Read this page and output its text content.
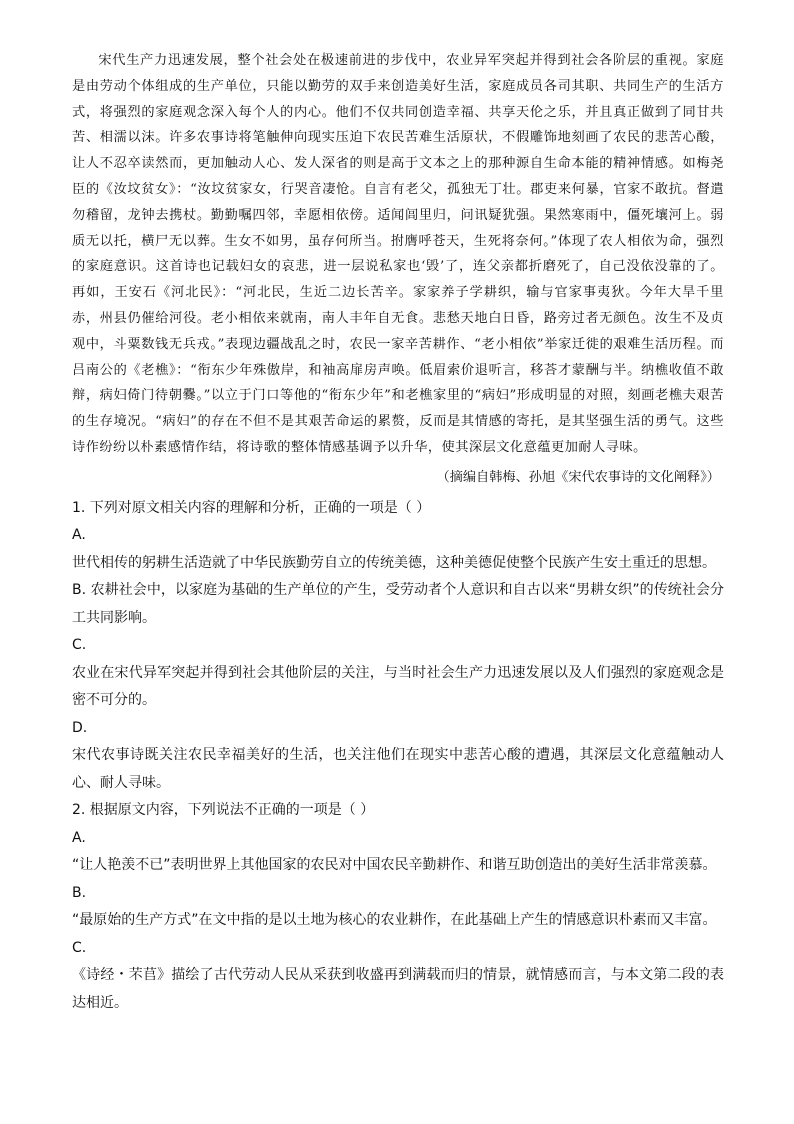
宋代生产力迅速发展，整个社会处在极速前进的步伐中，农业异军突起并得到社会各阶层的重视。家庭是由劳动个体组成的生产单位，只能以勤劳的双手来创造美好生活，家庭成员各司其职、共同生产的生活方式，将强烈的家庭观念深入每个人的内心。他们不仅共同创造幸福、共享天伦之乐，并且真正做到了同甘共苦、相濡以沫。许多农事诗将笔触伸向现实压迫下农民苦难生活原状，不假雕饰地刻画了农民的悲苦心酸，让人不忍卒读然而，更加触动人心、发人深省的则是高于文本之上的那种源自生命本能的精神情感。如梅尧臣的《汝坟贫女》：“汝坟贫家女，行哭音凄怆。自言有老父，孤独无丁壮。郡吏来何暴，官家不敢抗。督遣勿稽留，龙钟去携杖。勤勤嘱四邻，幸愿相依傍。适闻闾里归，问讯疑犹强。果然寒雨中，僵死壤河上。弱质无以托，横尸无以葬。生女不如男，虽存何所当。拊膺呼苍天，生死将奈何。”体现了农人相依为命，强烈的家庭意识。这首诗也记载妇女的哀悲，进一层说私家也‘毁’了，连父亲都折磨死了，自己没依没靠的了。再如，王安石《河北民》：“河北民，生近二边长苦辛。家家养子学耕织，输与官家事夷狄。今年大旱千里赤，州县仍催给河役。老小相依来就南，南人丰年自无食。悲愁天地白日昏，路旁过者无颜色。汝生不及贞观中，斗粟数钱无兵戎。”表现边疆战乱之时，农民一家辛苦耕作、“老小相依”举家迁徙的艰难生活历程。而吕南公的《老樵》：“衔东少年殊傲岸，和袖高扉房声唤。低眉索价退听言，移荅才蒙酬与半。纳樵收值不敢辩，病妇倚门待朝爨。”以立于门口等他的“衔东少年”和老樵家里的“病妇”形成明显的对照，刻画老樵夫艰苦的生存境况。“病妇”的存在不但不是其艰苦命运的累赘，反而是其情感的寄托，是其坚强生活的勇气。这些诗作纷纷以朴素感情作结，将诗歌的整体情感基调予以升华，使其深层文化意蕴更加耐人寻味。

（摘编自韩梅、孙旭《宋代农事诗的文化阐释》）

1. 下列对原文相关内容的理解和分析，正确的一项是（ ）
A.
世代相传的躬耕生活造就了中华民族勤劳自立的传统美德，这种美德促使整个民族产生安土重迁的思想。
B. 农耕社会中，以家庭为基础的生产单位的产生，受劳动者个人意识和自古以来“男耕女织”的传统社会分工共同影响。
C.
农业在宋代异军突起并得到社会其他阶层的关注，与当时社会生产力迅速发展以及人们强烈的家庭观念是密不可分的。
D.
宋代农事诗既关注农民幸福美好的生活，也关注他们在现实中悲苦心酸的遭遇，其深层文化意蕴触动人心、耐人寻味。
2. 根据原文内容，下列说法不正确的一项是（ ）
A.
“让人艳羡不已”表明世界上其他国家的农民对中国农民辛勤耕作、和谐互助创造出的美好生活非常羡慕。
B.
“最原始的生产方式”在文中指的是以土地为核心的农业耕作，在此基础上产生的情感意识朴素而又丰富。
C.
《诗经・芣苢》描绘了古代劳动人民从采获到收盛再到满载而归的情景，就情感而言，与本文第二段的表达相近。
